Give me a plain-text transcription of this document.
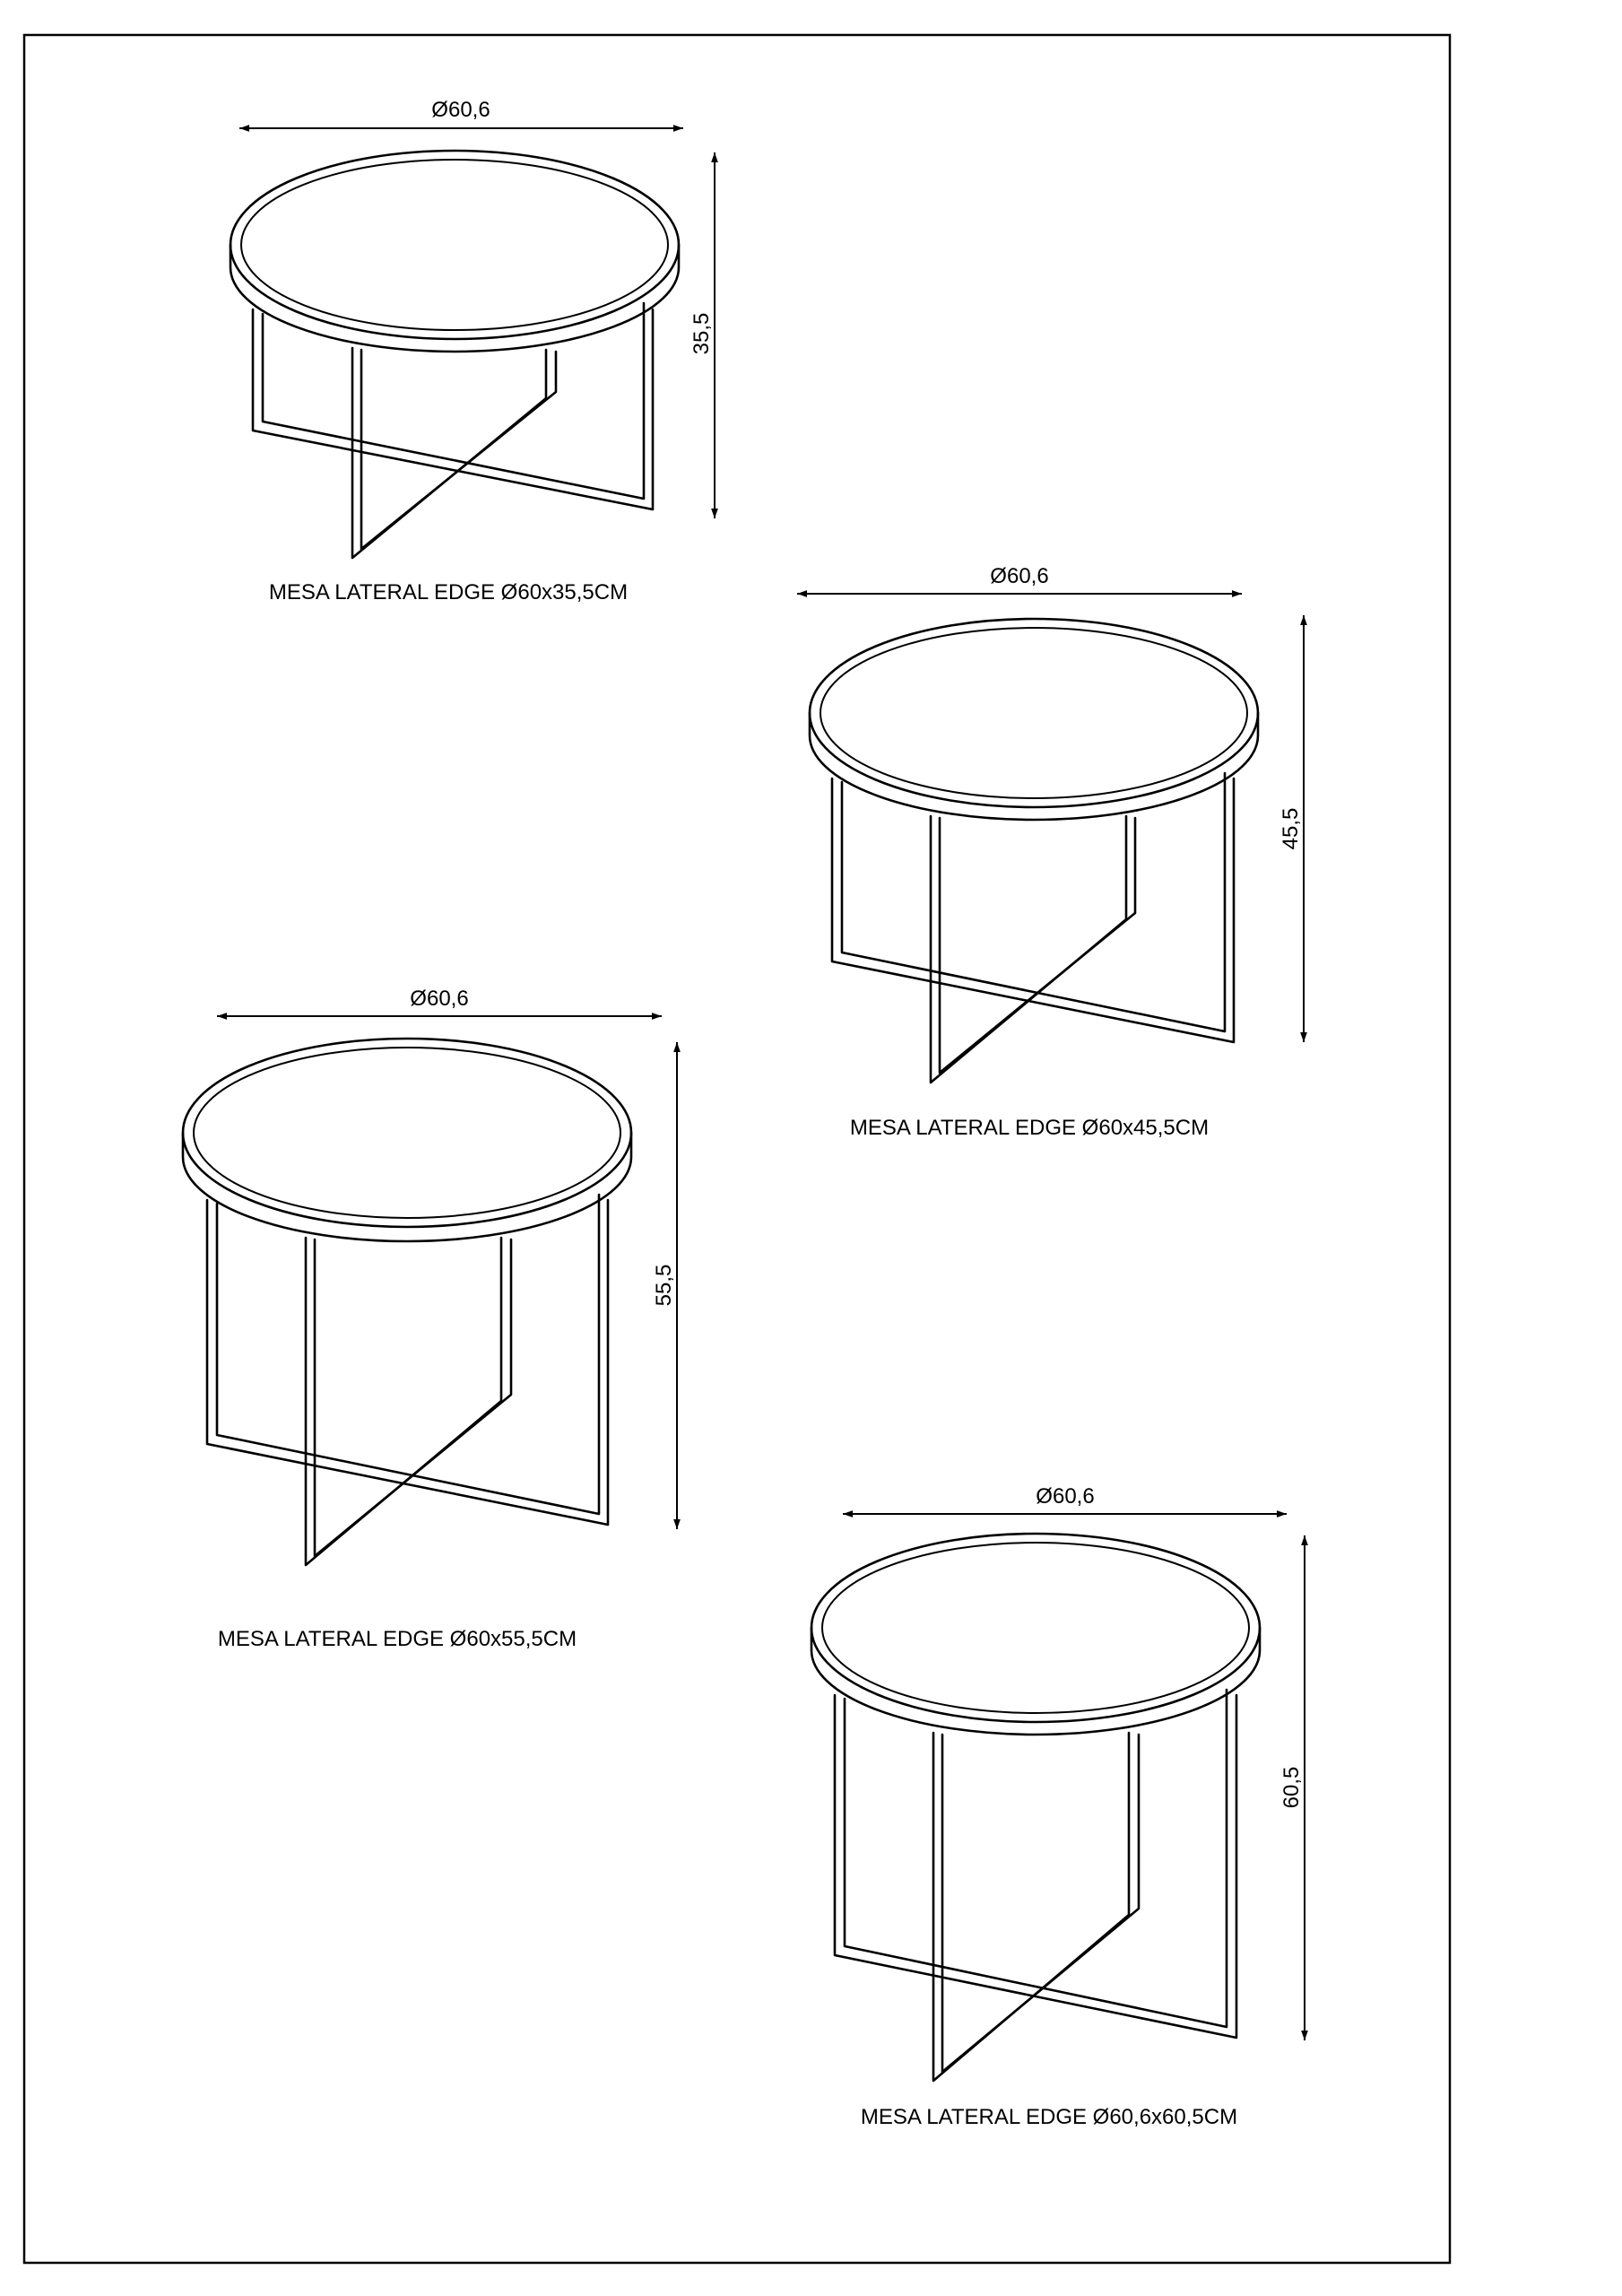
Ø60,6
35,5
MESA LATERAL EDGE Ø60x35,5CM
Ø60,6
45,5
MESA LATERAL EDGE Ø60x45,5CM
Ø60,6
55,5
MESA LATERAL EDGE Ø60x55,5CM
Ø60,6
60,5
MESA LATERAL EDGE Ø60,6x60,5CM
